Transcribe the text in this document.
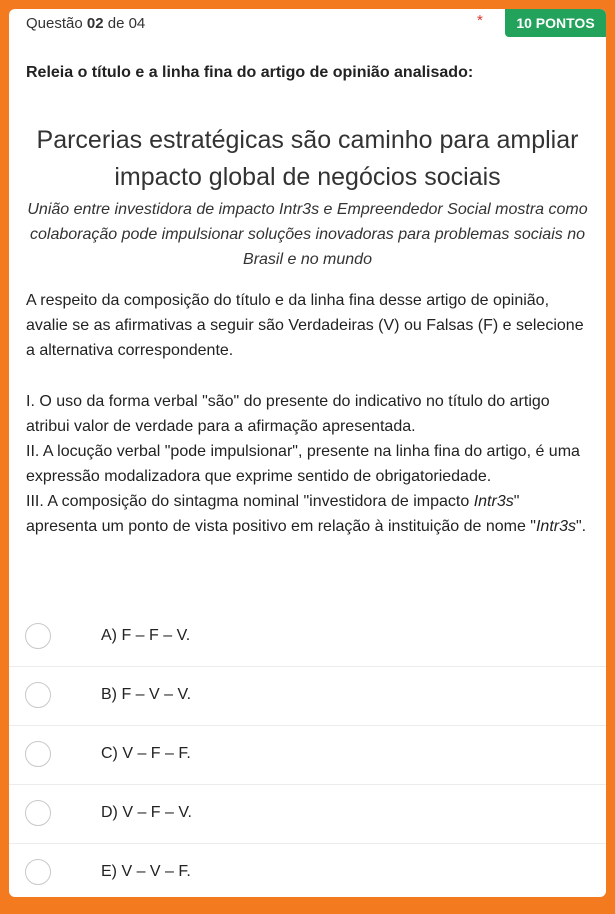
Questão 02 de 04	*	10 PONTOS
Releia o título e a linha fina do artigo de opinião analisado:
Parcerias estratégicas são caminho para ampliar impacto global de negócios sociais
União entre investidora de impacto Intr3s e Empreendedor Social mostra como colaboração pode impulsionar soluções inovadoras para problemas sociais no Brasil e no mundo
A respeito da composição do título e da linha fina desse artigo de opinião, avalie se as afirmativas a seguir são Verdadeiras (V) ou Falsas (F) e selecione a alternativa correspondente.

I. O uso da forma verbal "são" do presente do indicativo no título do artigo atribui valor de verdade para a afirmação apresentada.

II. A locução verbal "pode impulsionar", presente na linha fina do artigo, é uma expressão modalizadora que exprime sentido de obrigatoriedade.

III. A composição do sintagma nominal "investidora de impacto Intr3s" apresenta um ponto de vista positivo em relação à instituição de nome "Intr3s".

A) F – F – V.
B) F – V – V.
C) V – F – F.
D) V – F – V.
E) V – V – F.
